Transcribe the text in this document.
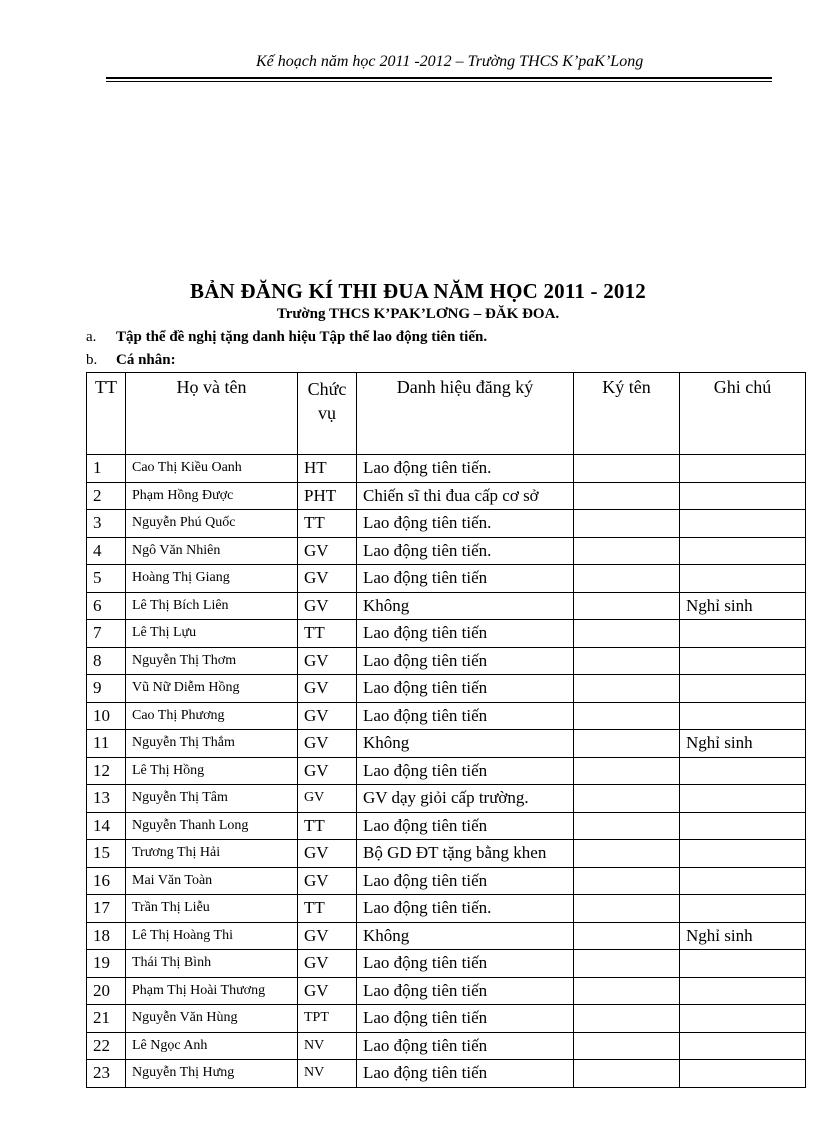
Kế hoạch năm học 2011 -2012 – Trường THCS K’paK’Long
BẢN ĐĂNG KÍ THI ĐUA NĂM HỌC 2011 - 2012
Trường THCS K’PAK’LƠNG – ĐĂK ĐOA.
a. Tập thể đề nghị tặng danh hiệu Tập thể lao động tiên tiến.
b. Cá nhân:
TT	Họ và tên	Chức vụ	Danh hiệu đăng ký	Ký tên	Ghi chú
1	Cao Thị Kiều Oanh	HT	Lao động tiên tiến.		
2	Phạm Hồng Được	PHT	Chiến sĩ thi đua cấp cơ sở		
3	Nguyễn Phú Quốc	TT	Lao động tiên tiến.		
4	Ngô Văn Nhiên	GV	Lao động tiên tiến.		
5	Hoàng Thị Giang	GV	Lao động tiên tiến		
6	Lê Thị Bích Liên	GV	Không		Nghỉ sinh
7	Lê Thị Lựu	TT	Lao động tiên tiến		
8	Nguyễn Thị Thơm	GV	Lao động tiên tiến		
9	Vũ Nữ Diễm Hồng	GV	Lao động tiên tiến		
10	Cao Thị Phương	GV	Lao động tiên tiến		
11	Nguyễn Thị Thắm	GV	Không		Nghỉ sinh
12	Lê Thị Hồng	GV	Lao động tiên tiến		
13	Nguyễn Thị Tâm	GV	GV dạy giỏi cấp trường.		
14	Nguyễn Thanh Long	TT	Lao động tiên tiến		
15	Trương Thị Hải	GV	Bộ GD ĐT tặng bằng khen		
16	Mai Văn Toàn	GV	Lao động tiên tiến		
17	Trần Thị Liễu	TT	Lao động tiên tiến.		
18	Lê Thị Hoàng Thi	GV	Không		Nghỉ sinh
19	Thái Thị Bình	GV	Lao động tiên tiến		
20	Phạm Thị Hoài Thương	GV	Lao động tiên tiến		
21	Nguyễn Văn Hùng	TPT	Lao động tiên tiến		
22	Lê Ngọc Anh	NV	Lao động tiên tiến		
23	Nguyễn Thị Hưng	NV	Lao động tiên tiến		
